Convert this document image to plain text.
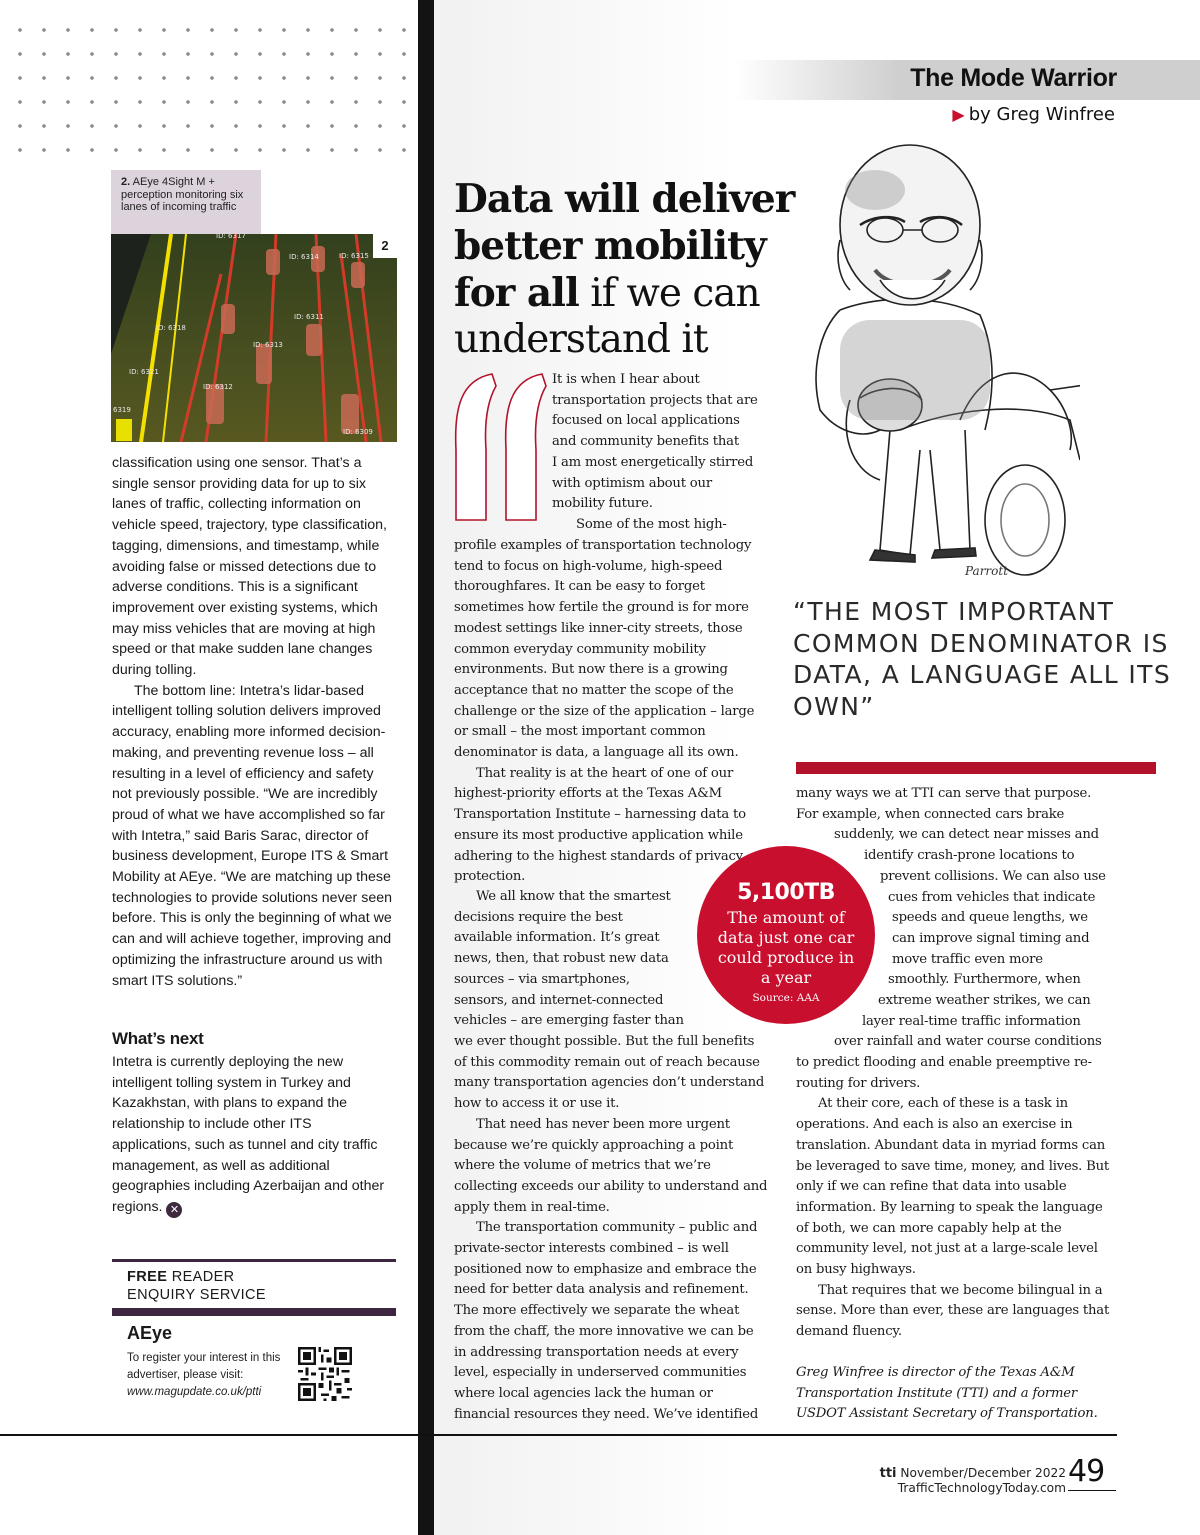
2. AEye 4Sight M + perception monitoring six lanes of incoming traffic
ID: 6317
ID: 6314	ID: 6315
ID: 6311
ID: 6318
ID: 6313
ID: 6321
ID: 6312
6319
ID: 6309
2

classification using one sensor. That’s a single sensor providing data for up to six lanes of traffic, collecting information on vehicle speed, trajectory, type classification, tagging, dimensions, and timestamp, while avoiding false or missed detections due to adverse conditions. This is a significant improvement over existing systems, which may miss vehicles that are moving at high speed or that make sudden lane changes during tolling.

The bottom line: Intetra’s lidar-based intelligent tolling solution delivers improved accuracy, enabling more informed decision-making, and preventing revenue loss – all resulting in a level of efficiency and safety not previously possible. “We are incredibly proud of what we have accomplished so far with Intetra,” said Baris Sarac, director of business development, Europe ITS & Smart Mobility at AEye. “We are matching up these technologies to provide solutions never seen before. This is only the beginning of what we can and will achieve together, improving and optimizing the infrastructure around us with smart ITS solutions.”

What’s next

Intetra is currently deploying the new intelligent tolling system in Turkey and Kazakhstan, with plans to expand the relationship to include other ITS applications, such as tunnel and city traffic management, as well as additional geographies including Azerbaijan and other regions. ✕

FREE READER
ENQUIRY SERVICE
AEye
To register your interest in this advertiser, please visit:
www.magupdate.co.uk/ptti
The Mode Warrior
▶ by Greg Winfree
Data will deliver better mobility for all if we can understand it
Parrott
It is when I hear about
transportation projects that are
focused on local applications
and community benefits that
I am most energetically stirred
with optimism about our
mobility future.
Some of the most high-

profile examples of transportation technology tend to focus on high-volume, high-speed thoroughfares. It can be easy to forget sometimes how fertile the ground is for more modest settings like inner-city streets, those common everyday community mobility environments. But now there is a growing acceptance that no matter the scope of the challenge or the size of the application – large or small – the most important common denominator is data, a language all its own.

That reality is at the heart of one of our highest-priority efforts at the Texas A&M Transportation Institute – harnessing data to ensure its most productive application while adhering to the highest standards of privacy protection.

We all know that the smartest
decisions require the best
available information. It’s great
news, then, that robust new data
sources – via smartphones,
sensors, and internet-connected
vehicles – are emerging faster than

we ever thought possible. But the full benefits of this commodity remain out of reach because many transportation agencies don’t understand how to access it or use it.

That need has never been more urgent because we’re quickly approaching a point where the volume of metrics that we’re collecting exceeds our ability to understand and apply them in real-time.

The transportation community – public and private-sector interests combined – is well positioned now to emphasize and embrace the need for better data analysis and refinement. The more effectively we separate the wheat from the chaff, the more innovative we can be in addressing transportation needs at every level, especially in underserved communities where local agencies lack the human or financial resources they need. We’ve identified

“THE MOST IMPORTANT COMMON DENOMINATOR IS DATA, A LANGUAGE ALL ITS OWN”
many ways we at TTI can serve that purpose.
For example, when connected cars brake
suddenly, we can detect near misses and
identify crash-prone locations to
prevent collisions. We can also use
cues from vehicles that indicate
speeds and queue lengths, we
can improve signal timing and
move traffic even more
smoothly. Furthermore, when
extreme weather strikes, we can
layer real-time traffic information
over rainfall and water course conditions

to predict flooding and enable preemptive re-routing for drivers.

At their core, each of these is a task in operations. And each is also an exercise in translation. Abundant data in myriad forms can be leveraged to save time, money, and lives. But only if we can refine that data into usable information. By learning to speak the language of both, we can more capably help at the community level, not just at a large-scale level on busy highways.

That requires that we become bilingual in a sense. More than ever, these are languages that demand fluency.

Greg Winfree is director of the Texas A&M Transportation Institute (TTI) and a former USDOT Assistant Secretary of Transportation.
5,100TB
The amount of data just one car could produce in a year
Source: AAA
tti November/December 2022
TrafficTechnologyToday.com 49
